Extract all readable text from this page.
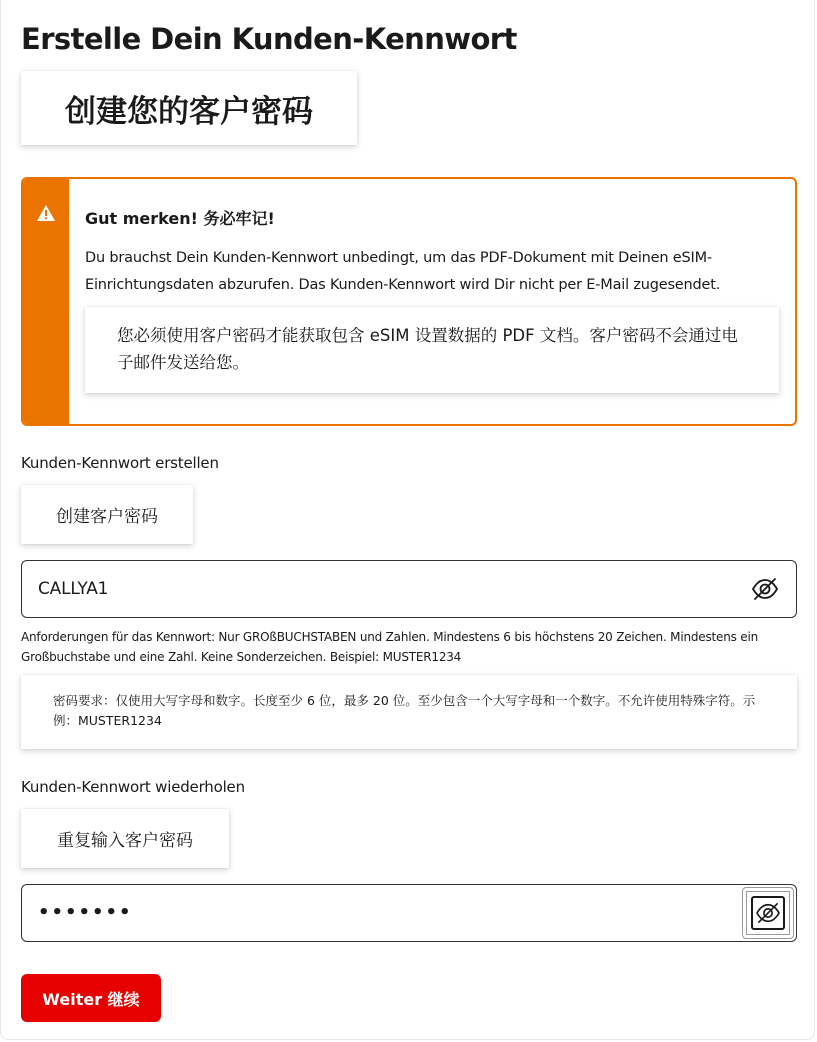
Erstelle Dein Kunden-Kennwort
创建您的客户密码
Gut merken! 务必牢记!
Du brauchst Dein Kunden-Kennwort unbedingt, um das PDF-Dokument mit Deinen eSIM-Einrichtungsdaten abzurufen. Das Kunden-Kennwort wird Dir nicht per E-Mail zugesendet.
您必须使用客户密码才能获取包含 eSIM 设置数据的 PDF 文档。客户密码不会通过电子邮件发送给您。
Kunden-Kennwort erstellen
创建客户密码
CALLYA1
Anforderungen für das Kennwort: Nur GROßBUCHSTABEN und Zahlen. Mindestens 6 bis höchstens 20 Zeichen. Mindestens ein Großbuchstabe und eine Zahl. Keine Sonderzeichen. Beispiel: MUSTER1234
密码要求：仅使用大写字母和数字。长度至少 6 位，最多 20 位。至少包含一个大写字母和一个数字。不允许使用特殊字符。示例：MUSTER1234
Kunden-Kennwort wiederholen
重复输入客户密码
•••••••
Weiter 继续
